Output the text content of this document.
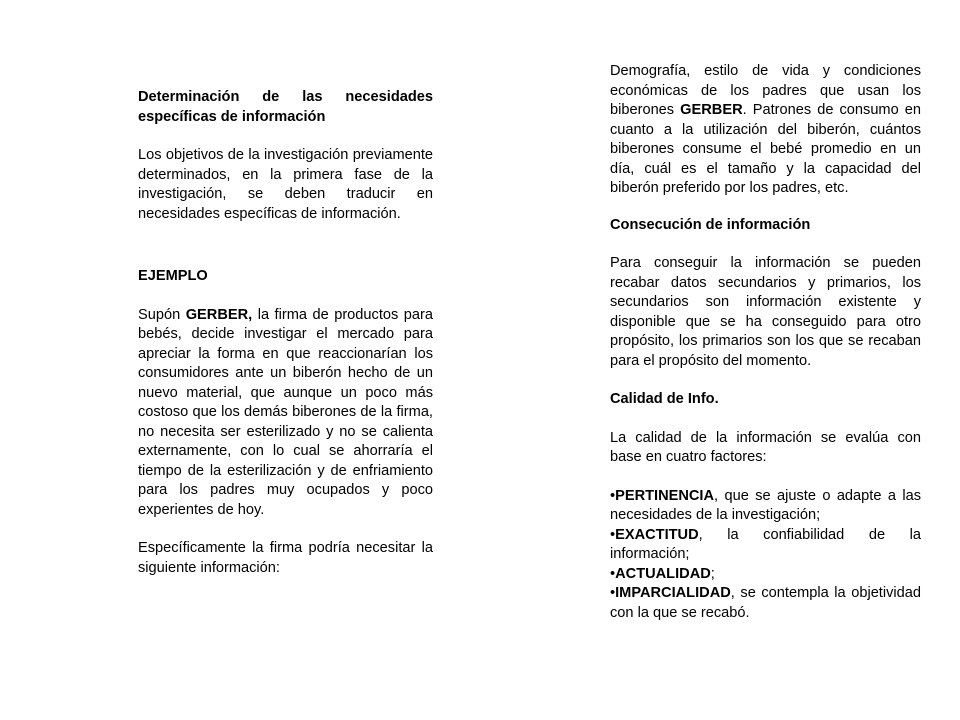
Determinación de las necesidades específicas de información

Los objetivos de la investigación previamente determinados, en la primera fase de la investigación, se deben traducir en necesidades específicas de información.

EJEMPLO

Supón GERBER, la firma de productos para bebés, decide investigar el mercado para apreciar la forma en que reaccionarían los consumidores ante un biberón hecho de un nuevo material, que aunque un poco más costoso que los demás biberones de la firma, no necesita ser esterilizado y no se calienta externamente, con lo cual se ahorraría el tiempo de la esterilización y de enfriamiento para los padres muy ocupados y poco experientes de hoy.

Específicamente la firma podría necesitar la siguiente información:

Demografía, estilo de vida y condiciones económicas de los padres que usan los biberones GERBER. Patrones de consumo en cuanto a la utilización del biberón, cuántos biberones consume el bebé promedio en un día, cuál es el tamaño y la capacidad del biberón preferido por los padres, etc.

Consecución de información

Para conseguir la información se pueden recabar datos secundarios y primarios, los secundarios son información existente y disponible que se ha conseguido para otro propósito, los primarios son los que se recaban para el propósito del momento.

Calidad de Info.

La calidad de la información se evalúa con base en cuatro factores:

•PERTINENCIA, que se ajuste o adapte a las necesidades de la investigación;
•EXACTITUD, la confiabilidad de la información;
•ACTUALIDAD;
•IMPARCIALIDAD, se contempla la objetividad con la que se recabó.
